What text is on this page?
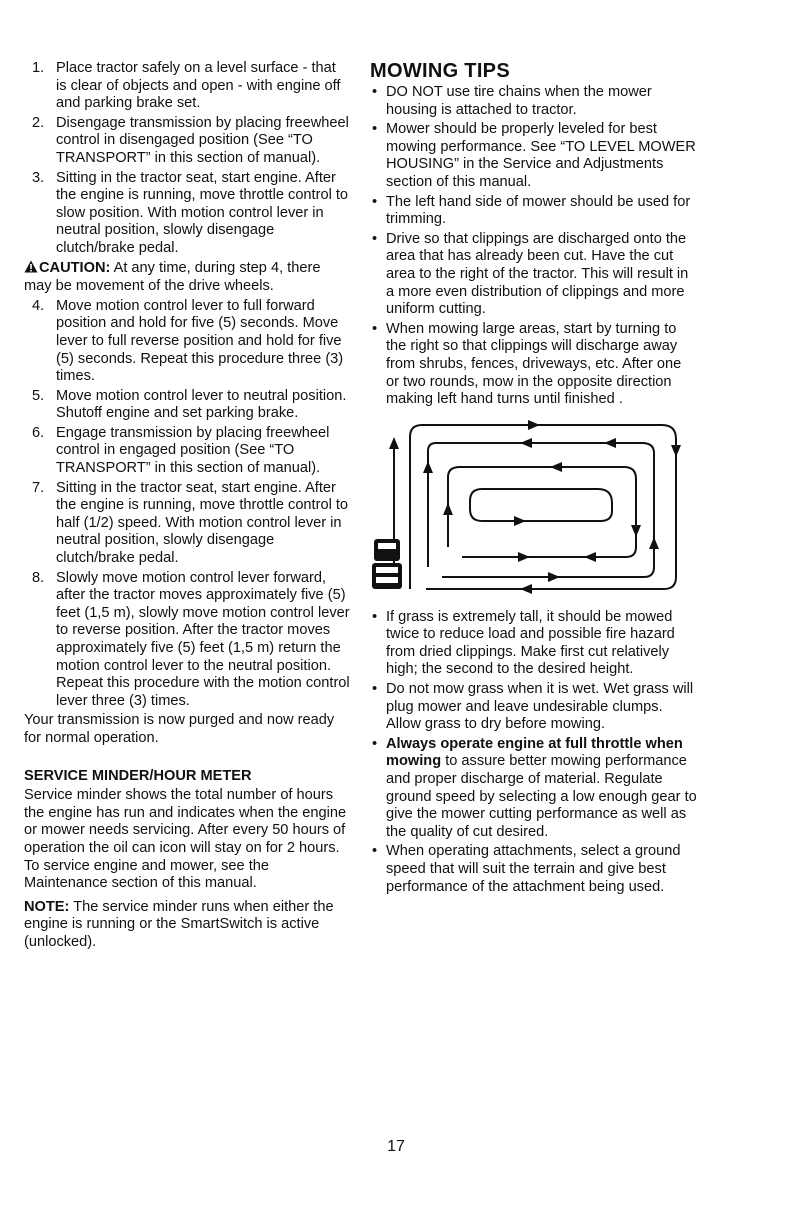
1. Place tractor safely on a level surface - that is clear of objects and open - with engine off and parking brake set.
2. Disengage transmission by placing freewheel control in disengaged position (See “TO TRANSPORT” in this section of manual).
3. Sitting in the tractor seat, start engine. After the engine is running, move throttle control to slow position. With motion control lever in neutral position, slowly disengage clutch/brake pedal.

CAUTION: At any time, during step 4, there may be movement of the drive wheels.

4. Move motion control lever to full forward position and hold for five (5) seconds. Move lever to full reverse position and hold for five (5) seconds. Repeat this procedure three (3) times.
5. Move motion control lever to neutral position. Shutoff engine and set parking brake.
6. Engage transmission by placing freewheel control in engaged position (See “TO TRANSPORT” in this section of manual).
7. Sitting in the tractor seat, start engine. After the engine is running, move throttle control to half (1/2) speed. With motion control lever in neutral position, slowly disengage clutch/brake pedal.
8. Slowly move motion control lever forward, after the tractor moves approximately five (5) feet (1,5 m), slowly move motion control lever to reverse position. After the tractor moves approximately five (5) feet (1,5 m) return the motion control lever to the neutral position. Repeat this procedure with the motion control lever three (3) times.

Your transmission is now purged and now ready for normal operation.

SERVICE MINDER/HOUR METER

Service minder shows the total number of hours the engine has run and indicates when the engine or mower needs servicing. After every 50 hours of operation the oil can icon will stay on for 2 hours. To service engine and mower, see the Maintenance section of this manual.

NOTE: The service minder runs when either the engine is running or the SmartSwitch is active (unlocked).

MOWING TIPS
• DO NOT use tire chains when the mower housing is attached to tractor.
• Mower should be properly leveled for best mowing performance. See “TO LEVEL MOWER HOUSING” in the Service and Adjustments section of this manual.
• The left hand side of mower should be used for trimming.
• Drive so that clippings are discharged onto the area that has already been cut. Have the cut area to the right of the tractor. This will result in a more even distribution of clippings and more uniform cutting.
• When mowing large areas, start by turning to the right so that clippings will discharge away from shrubs, fences, driveways, etc. After one or two rounds, mow in the opposite direction making left hand turns until finished .
• If grass is extremely tall, it should be mowed twice to reduce load and possible fire hazard from dried clippings. Make first cut relatively high; the second to the desired height.
• Do not mow grass when it is wet. Wet grass will plug mower and leave undesirable clumps. Allow grass to dry before mowing.
• Always operate engine at full throttle when mowing to assure better mowing performance and proper discharge of material. Regulate ground speed by selecting a low enough gear to give the mower cutting performance as well as the quality of cut desired.
• When operating attachments, select a ground speed that will suit the terrain and give best performance of the attachment being used.
17
